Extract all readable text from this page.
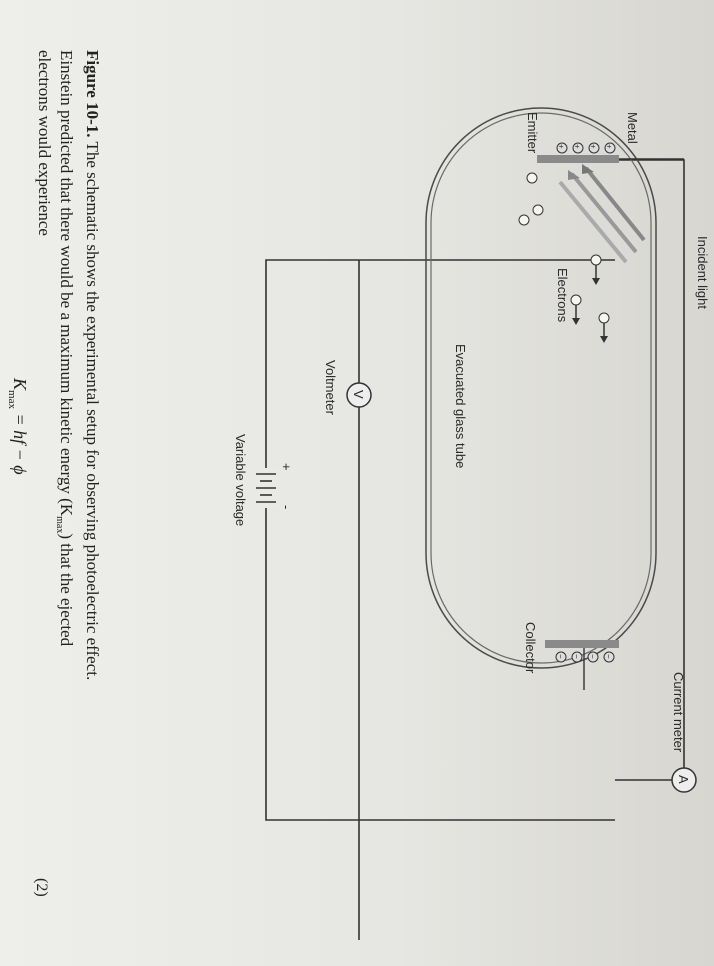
+
+
+
+
−
−
−
−
A
V
+
-
Incident light
Metal
Electrons
Collector
Emitter
Evacuated glass tube
Current meter
Voltmeter
Variable voltage
Figure 10-1. The schematic shows the experimental setup for observing photoelectric effect.
Einstein predicted that there would be a maximum kinetic energy $(K_{max})$ that the ejected
electrons would experience
$K_{max}$ = hf − ϕ
(2)
